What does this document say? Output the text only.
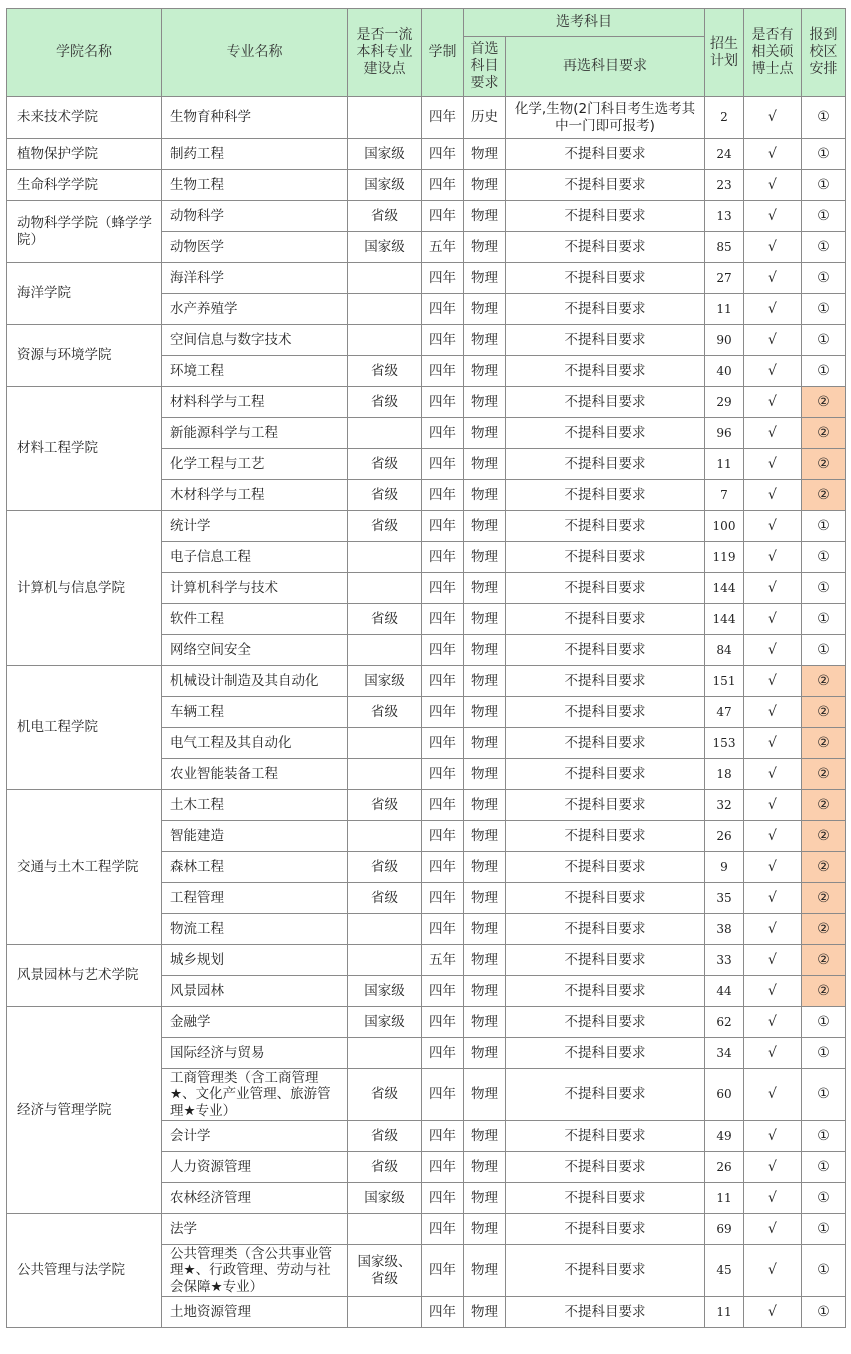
学院名称	专业名称	是否一流本科专业建设点	学制	选考科目		招生计划	是否有相关硕博士点	报到校区安排
				首选科目要求	再选科目要求			
未来技术学院	生物育种科学		四年	历史	化学,生物(2门科目考生选考其中一门即可报考)	2	√	①
植物保护学院	制药工程	国家级	四年	物理	不提科目要求	24	√	①
生命科学学院	生物工程	国家级	四年	物理	不提科目要求	23	√	①
动物科学学院（蜂学学院）	动物科学	省级	四年	物理	不提科目要求	13	√	①
	动物医学	国家级	五年	物理	不提科目要求	85	√	①
海洋学院	海洋科学		四年	物理	不提科目要求	27	√	①
	水产养殖学		四年	物理	不提科目要求	11	√	①
资源与环境学院	空间信息与数字技术		四年	物理	不提科目要求	90	√	①
	环境工程	省级	四年	物理	不提科目要求	40	√	①
材料工程学院	材料科学与工程	省级	四年	物理	不提科目要求	29	√	②
	新能源科学与工程		四年	物理	不提科目要求	96	√	②
	化学工程与工艺	省级	四年	物理	不提科目要求	11	√	②
	木材科学与工程	省级	四年	物理	不提科目要求	7	√	②
计算机与信息学院	统计学	省级	四年	物理	不提科目要求	100	√	①
	电子信息工程		四年	物理	不提科目要求	119	√	①
	计算机科学与技术		四年	物理	不提科目要求	144	√	①
	软件工程	省级	四年	物理	不提科目要求	144	√	①
	网络空间安全		四年	物理	不提科目要求	84	√	①
机电工程学院	机械设计制造及其自动化	国家级	四年	物理	不提科目要求	151	√	②
	车辆工程	省级	四年	物理	不提科目要求	47	√	②
	电气工程及其自动化		四年	物理	不提科目要求	153	√	②
	农业智能装备工程		四年	物理	不提科目要求	18	√	②
交通与土木工程学院	土木工程	省级	四年	物理	不提科目要求	32	√	②
	智能建造		四年	物理	不提科目要求	26	√	②
	森林工程	省级	四年	物理	不提科目要求	9	√	②
	工程管理	省级	四年	物理	不提科目要求	35	√	②
	物流工程		四年	物理	不提科目要求	38	√	②
风景园林与艺术学院	城乡规划		五年	物理	不提科目要求	33	√	②
	风景园林	国家级	四年	物理	不提科目要求	44	√	②
经济与管理学院	金融学	国家级	四年	物理	不提科目要求	62	√	①
	国际经济与贸易		四年	物理	不提科目要求	34	√	①
	工商管理类（含工商管理★、文化产业管理、旅游管理★专业）	省级	四年	物理	不提科目要求	60	√	①
	会计学	省级	四年	物理	不提科目要求	49	√	①
	人力资源管理	省级	四年	物理	不提科目要求	26	√	①
	农林经济管理	国家级	四年	物理	不提科目要求	11	√	①
公共管理与法学院	法学		四年	物理	不提科目要求	69	√	①
	公共管理类（含公共事业管理★、行政管理、劳动与社会保障★专业）	国家级、省级	四年	物理	不提科目要求	45	√	①
	土地资源管理		四年	物理	不提科目要求	11	√	①
